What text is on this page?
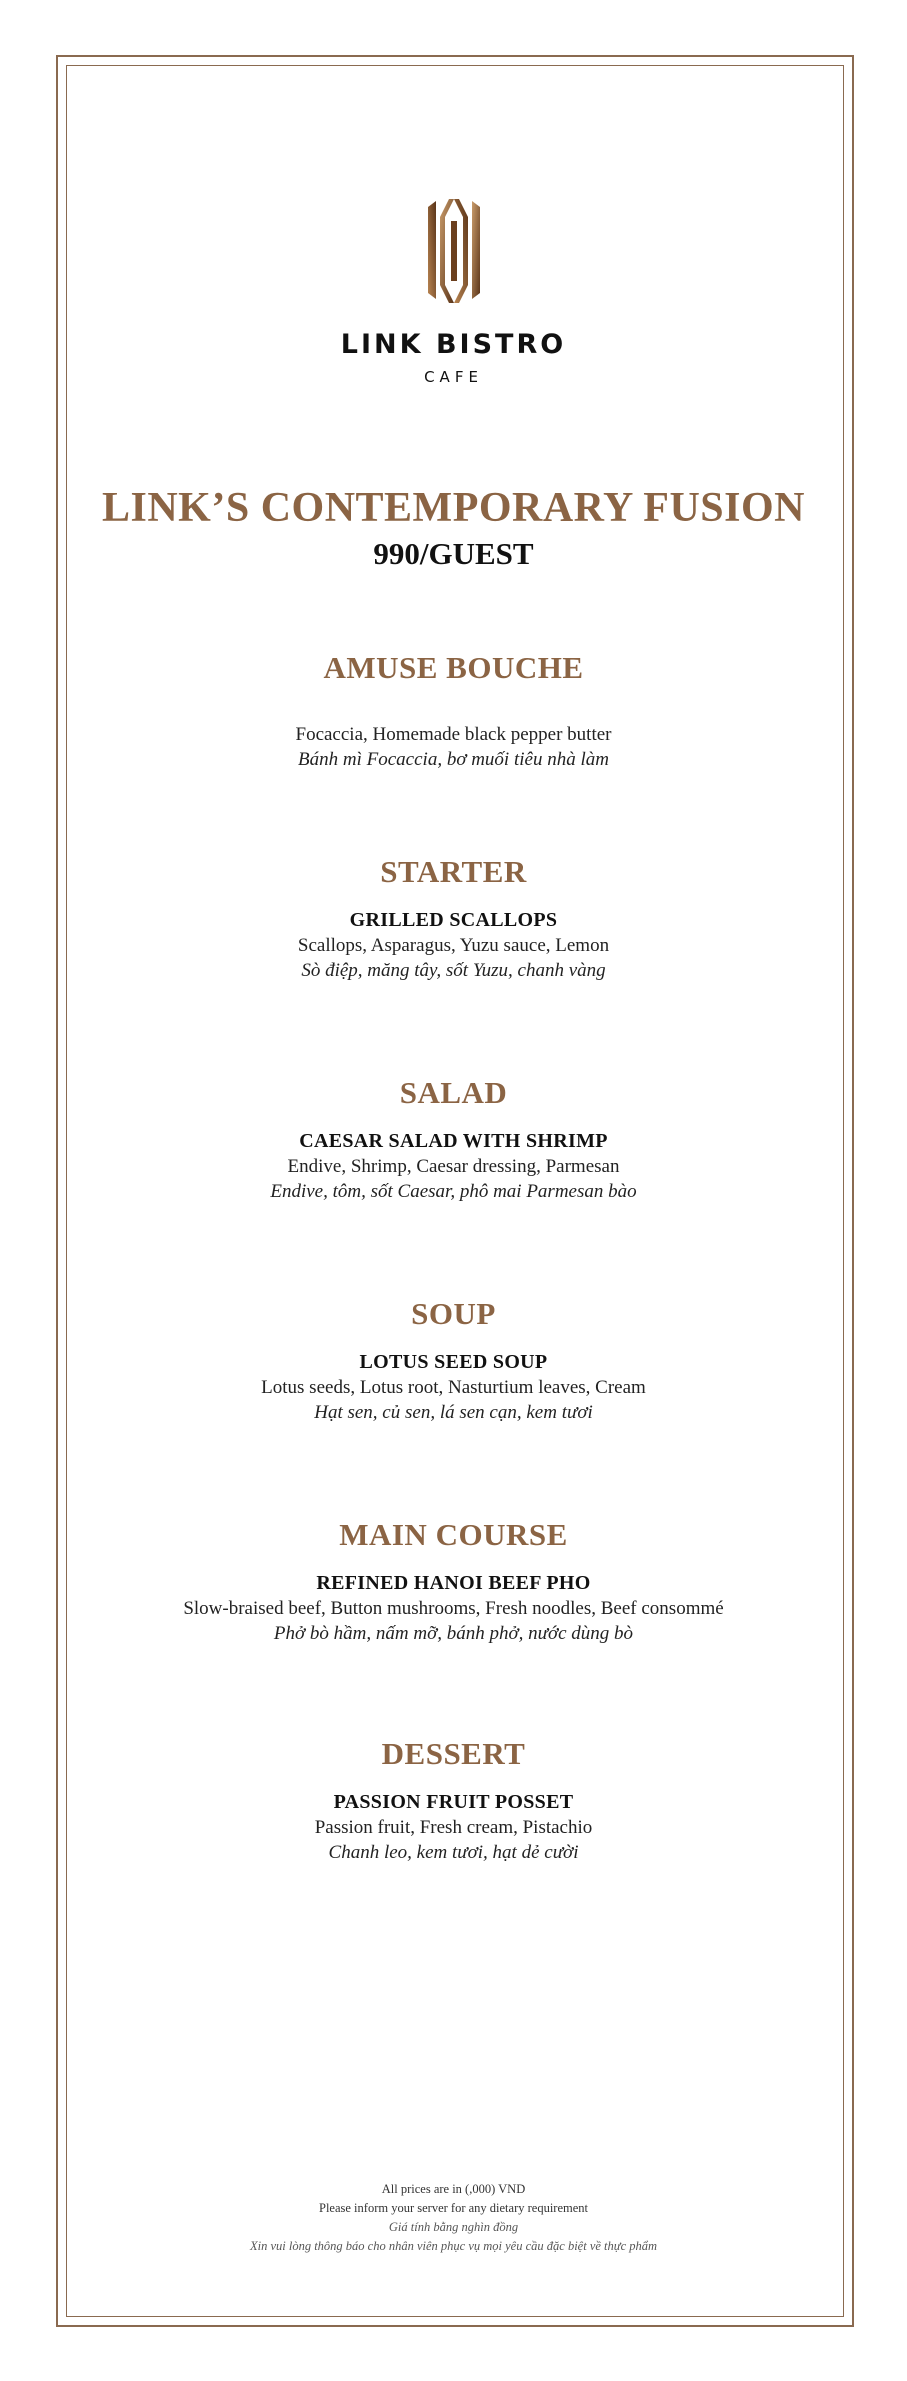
LINK BISTRO
CAFE
LINK’S CONTEMPORARY FUSION
990/GUEST
AMUSE BOUCHE
Focaccia, Homemade black pepper butter
Bánh mì Focaccia, bơ muối tiêu nhà làm
STARTER
GRILLED SCALLOPS
Scallops, Asparagus, Yuzu sauce, Lemon
Sò điệp, măng tây, sốt Yuzu, chanh vàng
SALAD
CAESAR SALAD WITH SHRIMP
Endive, Shrimp, Caesar dressing, Parmesan
Endive, tôm, sốt Caesar, phô mai Parmesan bào
SOUP
LOTUS SEED SOUP
Lotus seeds, Lotus root, Nasturtium leaves, Cream
Hạt sen, củ sen, lá sen cạn, kem tươi
MAIN COURSE
REFINED HANOI BEEF PHO
Slow-braised beef, Button mushrooms, Fresh noodles, Beef consommé
Phở bò hầm, nấm mỡ, bánh phở, nước dùng bò
DESSERT
PASSION FRUIT POSSET
Passion fruit, Fresh cream, Pistachio
Chanh leo, kem tươi, hạt dẻ cười
All prices are in (,000) VND
Please inform your server for any dietary requirement
Giá tính bằng nghìn đồng
Xin vui lòng thông báo cho nhân viên phục vụ mọi yêu cầu đặc biệt về thực phẩm
